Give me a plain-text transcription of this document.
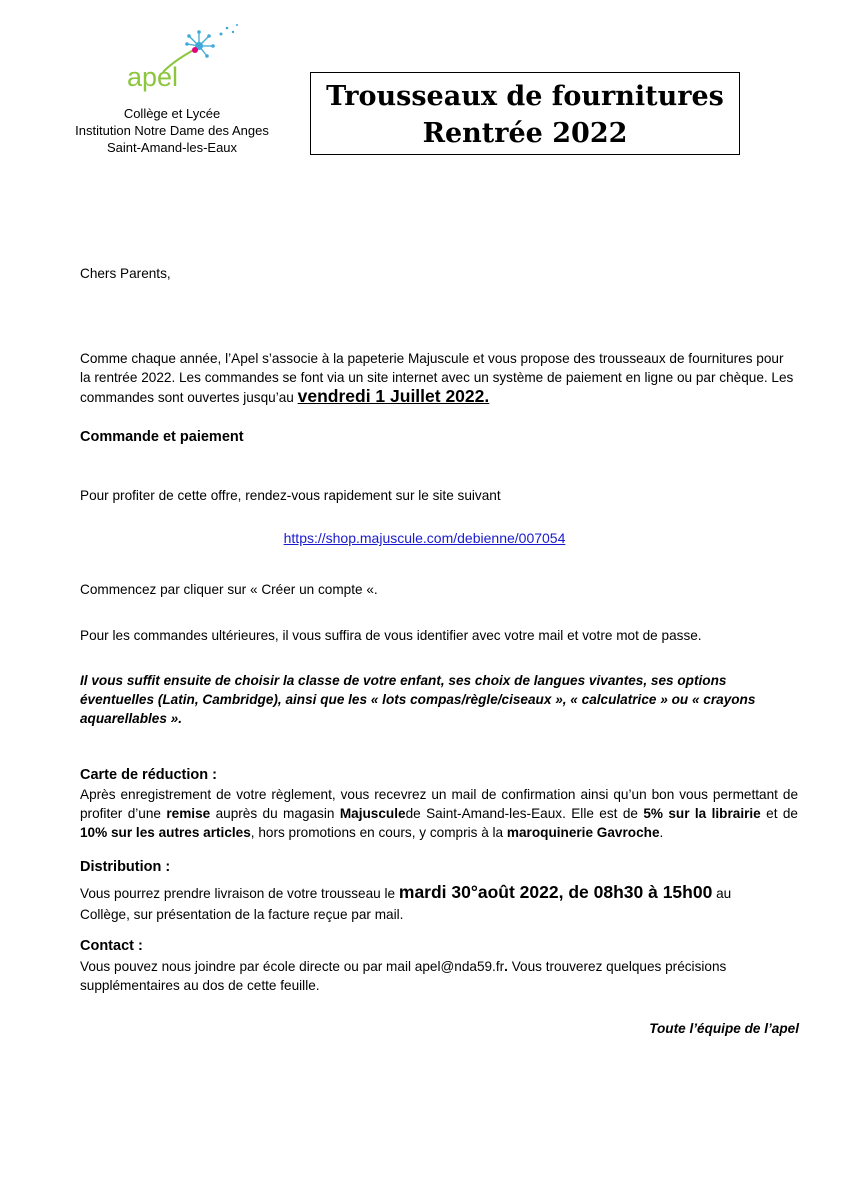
apel
Collège et Lycée
Institution Notre Dame des Anges
Saint-Amand-les-Eaux
Trousseaux de fournitures
Rentrée 2022
Chers Parents,
Comme chaque année, l’Apel s’associe à la papeterie Majuscule et vous propose des trousseaux de fournitures pour la rentrée 2022. Les commandes se font via un site internet avec un système de paiement en ligne ou par chèque. Les commandes sont ouvertes jusqu’au vendredi 1 Juillet 2022.
Commande et paiement
Pour profiter de cette offre, rendez-vous rapidement sur le site suivant
https://shop.majuscule.com/debienne/007054
Commencez par cliquer sur « Créer un compte «.
Pour les commandes ultérieures, il vous suffira de vous identifier avec votre mail et votre mot de passe.
Il vous suffit ensuite de choisir la classe de votre enfant, ses choix de langues vivantes, ses options éventuelles (Latin, Cambridge), ainsi que les « lots compas/règle/ciseaux », « calculatrice » ou « crayons aquarellables ».
Carte de réduction :
Après enregistrement de votre règlement, vous recevrez un mail de confirmation ainsi qu’un bon vous permettant de profiter d’une remise auprès du magasin Majusculede Saint-Amand-les-Eaux. Elle est de 5% sur la librairie et de 10% sur les autres articles, hors promotions en cours, y compris à la maroquinerie Gavroche.
Distribution :
Vous pourrez prendre livraison de votre trousseau le mardi 30°août 2022, de 08h30 à 15h00 au Collège, sur présentation de la facture reçue par mail.
Contact :
Vous pouvez nous joindre par école directe ou par mail apel@nda59.fr. Vous trouverez quelques précisions supplémentaires au dos de cette feuille.
Toute l’équipe de l’apel
